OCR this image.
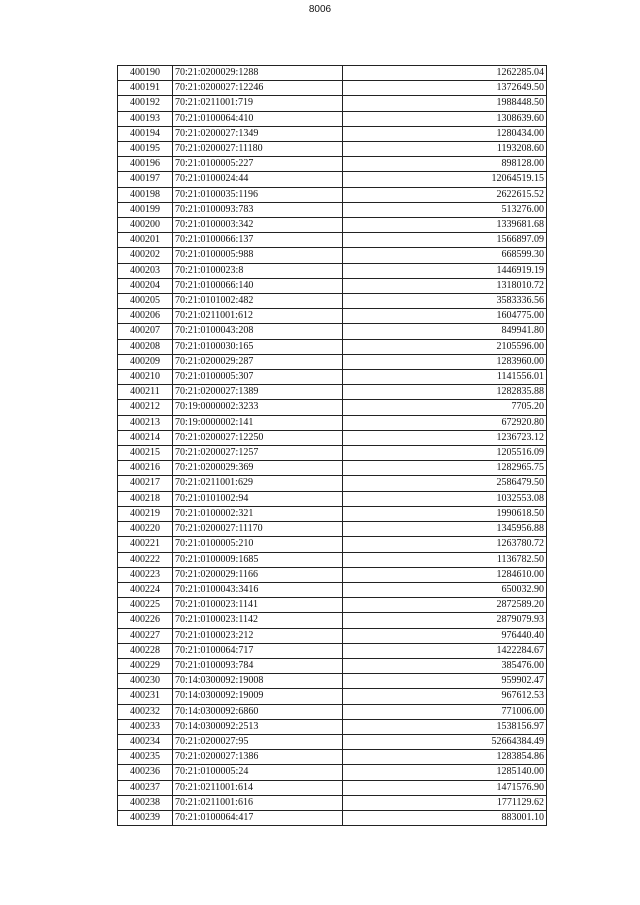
8006
400190	70:21:0200029:1288	1262285.04
400191	70:21:0200027:12246	1372649.50
400192	70:21:0211001:719	1988448.50
400193	70:21:0100064:410	1308639.60
400194	70:21:0200027:1349	1280434.00
400195	70:21:0200027:11180	1193208.60
400196	70:21:0100005:227	898128.00
400197	70:21:0100024:44	12064519.15
400198	70:21:0100035:1196	2622615.52
400199	70:21:0100093:783	513276.00
400200	70:21:0100003:342	1339681.68
400201	70:21:0100066:137	1566897.09
400202	70:21:0100005:988	668599.30
400203	70:21:0100023:8	1446919.19
400204	70:21:0100066:140	1318010.72
400205	70:21:0101002:482	3583336.56
400206	70:21:0211001:612	1604775.00
400207	70:21:0100043:208	849941.80
400208	70:21:0100030:165	2105596.00
400209	70:21:0200029:287	1283960.00
400210	70:21:0100005:307	1141556.01
400211	70:21:0200027:1389	1282835.88
400212	70:19:0000002:3233	7705.20
400213	70:19:0000002:141	672920.80
400214	70:21:0200027:12250	1236723.12
400215	70:21:0200027:1257	1205516.09
400216	70:21:0200029:369	1282965.75
400217	70:21:0211001:629	2586479.50
400218	70:21:0101002:94	1032553.08
400219	70:21:0100002:321	1990618.50
400220	70:21:0200027:11170	1345956.88
400221	70:21:0100005:210	1263780.72
400222	70:21:0100009:1685	1136782.50
400223	70:21:0200029:1166	1284610.00
400224	70:21:0100043:3416	650032.90
400225	70:21:0100023:1141	2872589.20
400226	70:21:0100023:1142	2879079.93
400227	70:21:0100023:212	976440.40
400228	70:21:0100064:717	1422284.67
400229	70:21:0100093:784	385476.00
400230	70:14:0300092:19008	959902.47
400231	70:14:0300092:19009	967612.53
400232	70:14:0300092:6860	771006.00
400233	70:14:0300092:2513	1538156.97
400234	70:21:0200027:95	52664384.49
400235	70:21:0200027:1386	1283854.86
400236	70:21:0100005:24	1285140.00
400237	70:21:0211001:614	1471576.90
400238	70:21:0211001:616	1771129.62
400239	70:21:0100064:417	883001.10
